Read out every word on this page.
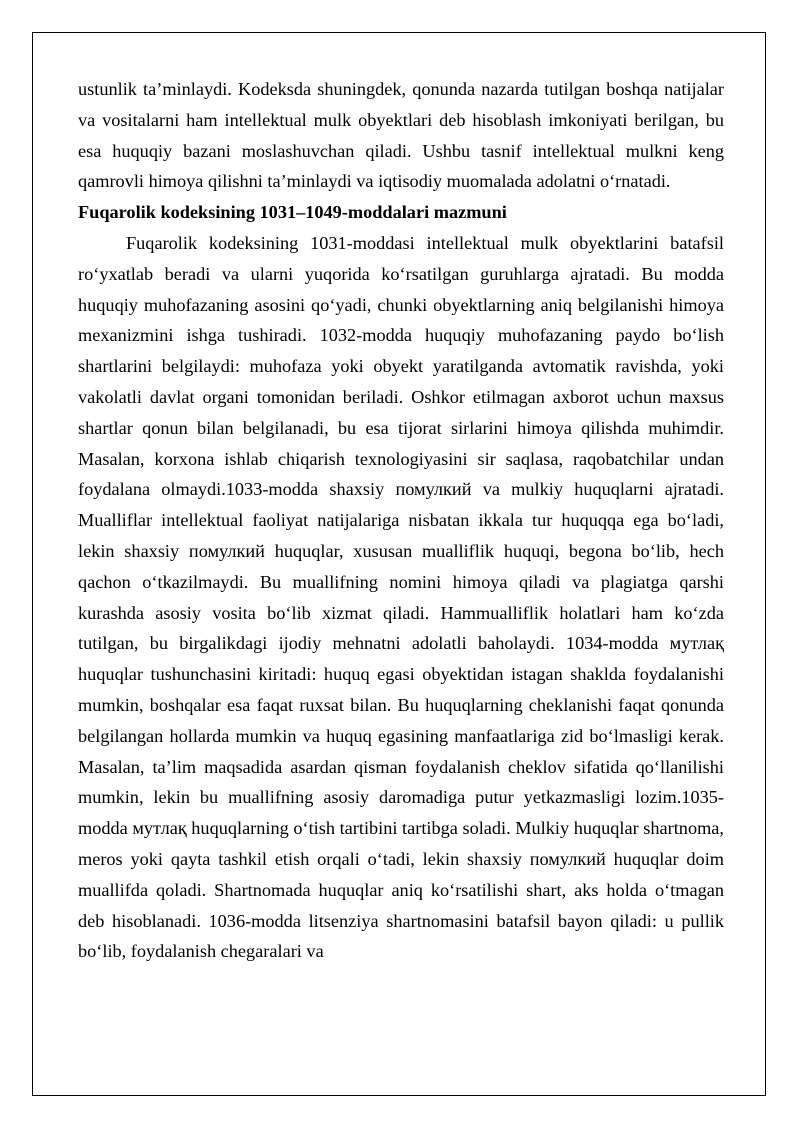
ustunlik ta’minlaydi. Kodeksda shuningdek, qonunda nazarda tutilgan boshqa natijalar va vositalarni ham intellektual mulk obyektlari deb hisoblash imkoniyati berilgan, bu esa huquqiy bazani moslashuvchan qiladi. Ushbu tasnif intellektual mulkni keng qamrovli himoya qilishni ta’minlaydi va iqtisodiy muomalada adolatni o‘rnatadi.

Fuqarolik kodeksining 1031–1049-moddalari mazmuni

Fuqarolik kodeksining 1031-moddasi intellektual mulk obyektlarini batafsil ro‘yxatlab beradi va ularni yuqorida ko‘rsatilgan guruhlarga ajratadi. Bu modda huquqiy muhofazaning asosini qo‘yadi, chunki obyektlarning aniq belgilanishi himoya mexanizmini ishga tushiradi. 1032-modda huquqiy muhofazaning paydo bo‘lish shartlarini belgilaydi: muhofaza yoki obyekt yaratilganda avtomatik ravishda, yoki vakolatli davlat organi tomonidan beriladi. Oshkor etilmagan axborot uchun maxsus shartlar qonun bilan belgilanadi, bu esa tijorat sirlarini himoya qilishda muhimdir. Masalan, korxona ishlab chiqarish texnologiyasini sir saqlasa, raqobatchilar undan foydalana olmaydi.1033-modda shaxsiy помулкий va mulkiy huquqlarni ajratadi. Mualliflar intellektual faoliyat natijalariga nisbatan ikkala tur huquqqa ega bo‘ladi, lekin shaxsiy помулкий huquqlar, xususan mualliflik huquqi, begona bo‘lib, hech qachon o‘tkazilmaydi. Bu muallifning nomini himoya qiladi va plagiatga qarshi kurashda asosiy vosita bo‘lib xizmat qiladi. Hammualliflik holatlari ham ko‘zda tutilgan, bu birgalikdagi ijodiy mehnatni adolatli baholaydi. 1034-modda мутлақ huquqlar tushunchasini kiritadi: huquq egasi obyektidan istagan shaklda foydalanishi mumkin, boshqalar esa faqat ruxsat bilan. Bu huquqlarning cheklanishi faqat qonunda belgilangan hollarda mumkin va huquq egasining manfaatlariga zid bo‘lmasligi kerak. Masalan, ta’lim maqsadida asardan qisman foydalanish cheklov sifatida qo‘llanilishi mumkin, lekin bu muallifning asosiy daromadiga putur yetkazmasligi lozim.1035-modda мутлақ huquqlarning o‘tish tartibini tartibga soladi. Mulkiy huquqlar shartnoma, meros yoki qayta tashkil etish orqali o‘tadi, lekin shaxsiy помулкий huquqlar doim muallifda qoladi. Shartnomada huquqlar aniq ko‘rsatilishi shart, aks holda o‘tmagan deb hisoblanadi. 1036-modda litsenziya shartnomasini batafsil bayon qiladi: u pullik bo‘lib, foydalanish chegaralari va
